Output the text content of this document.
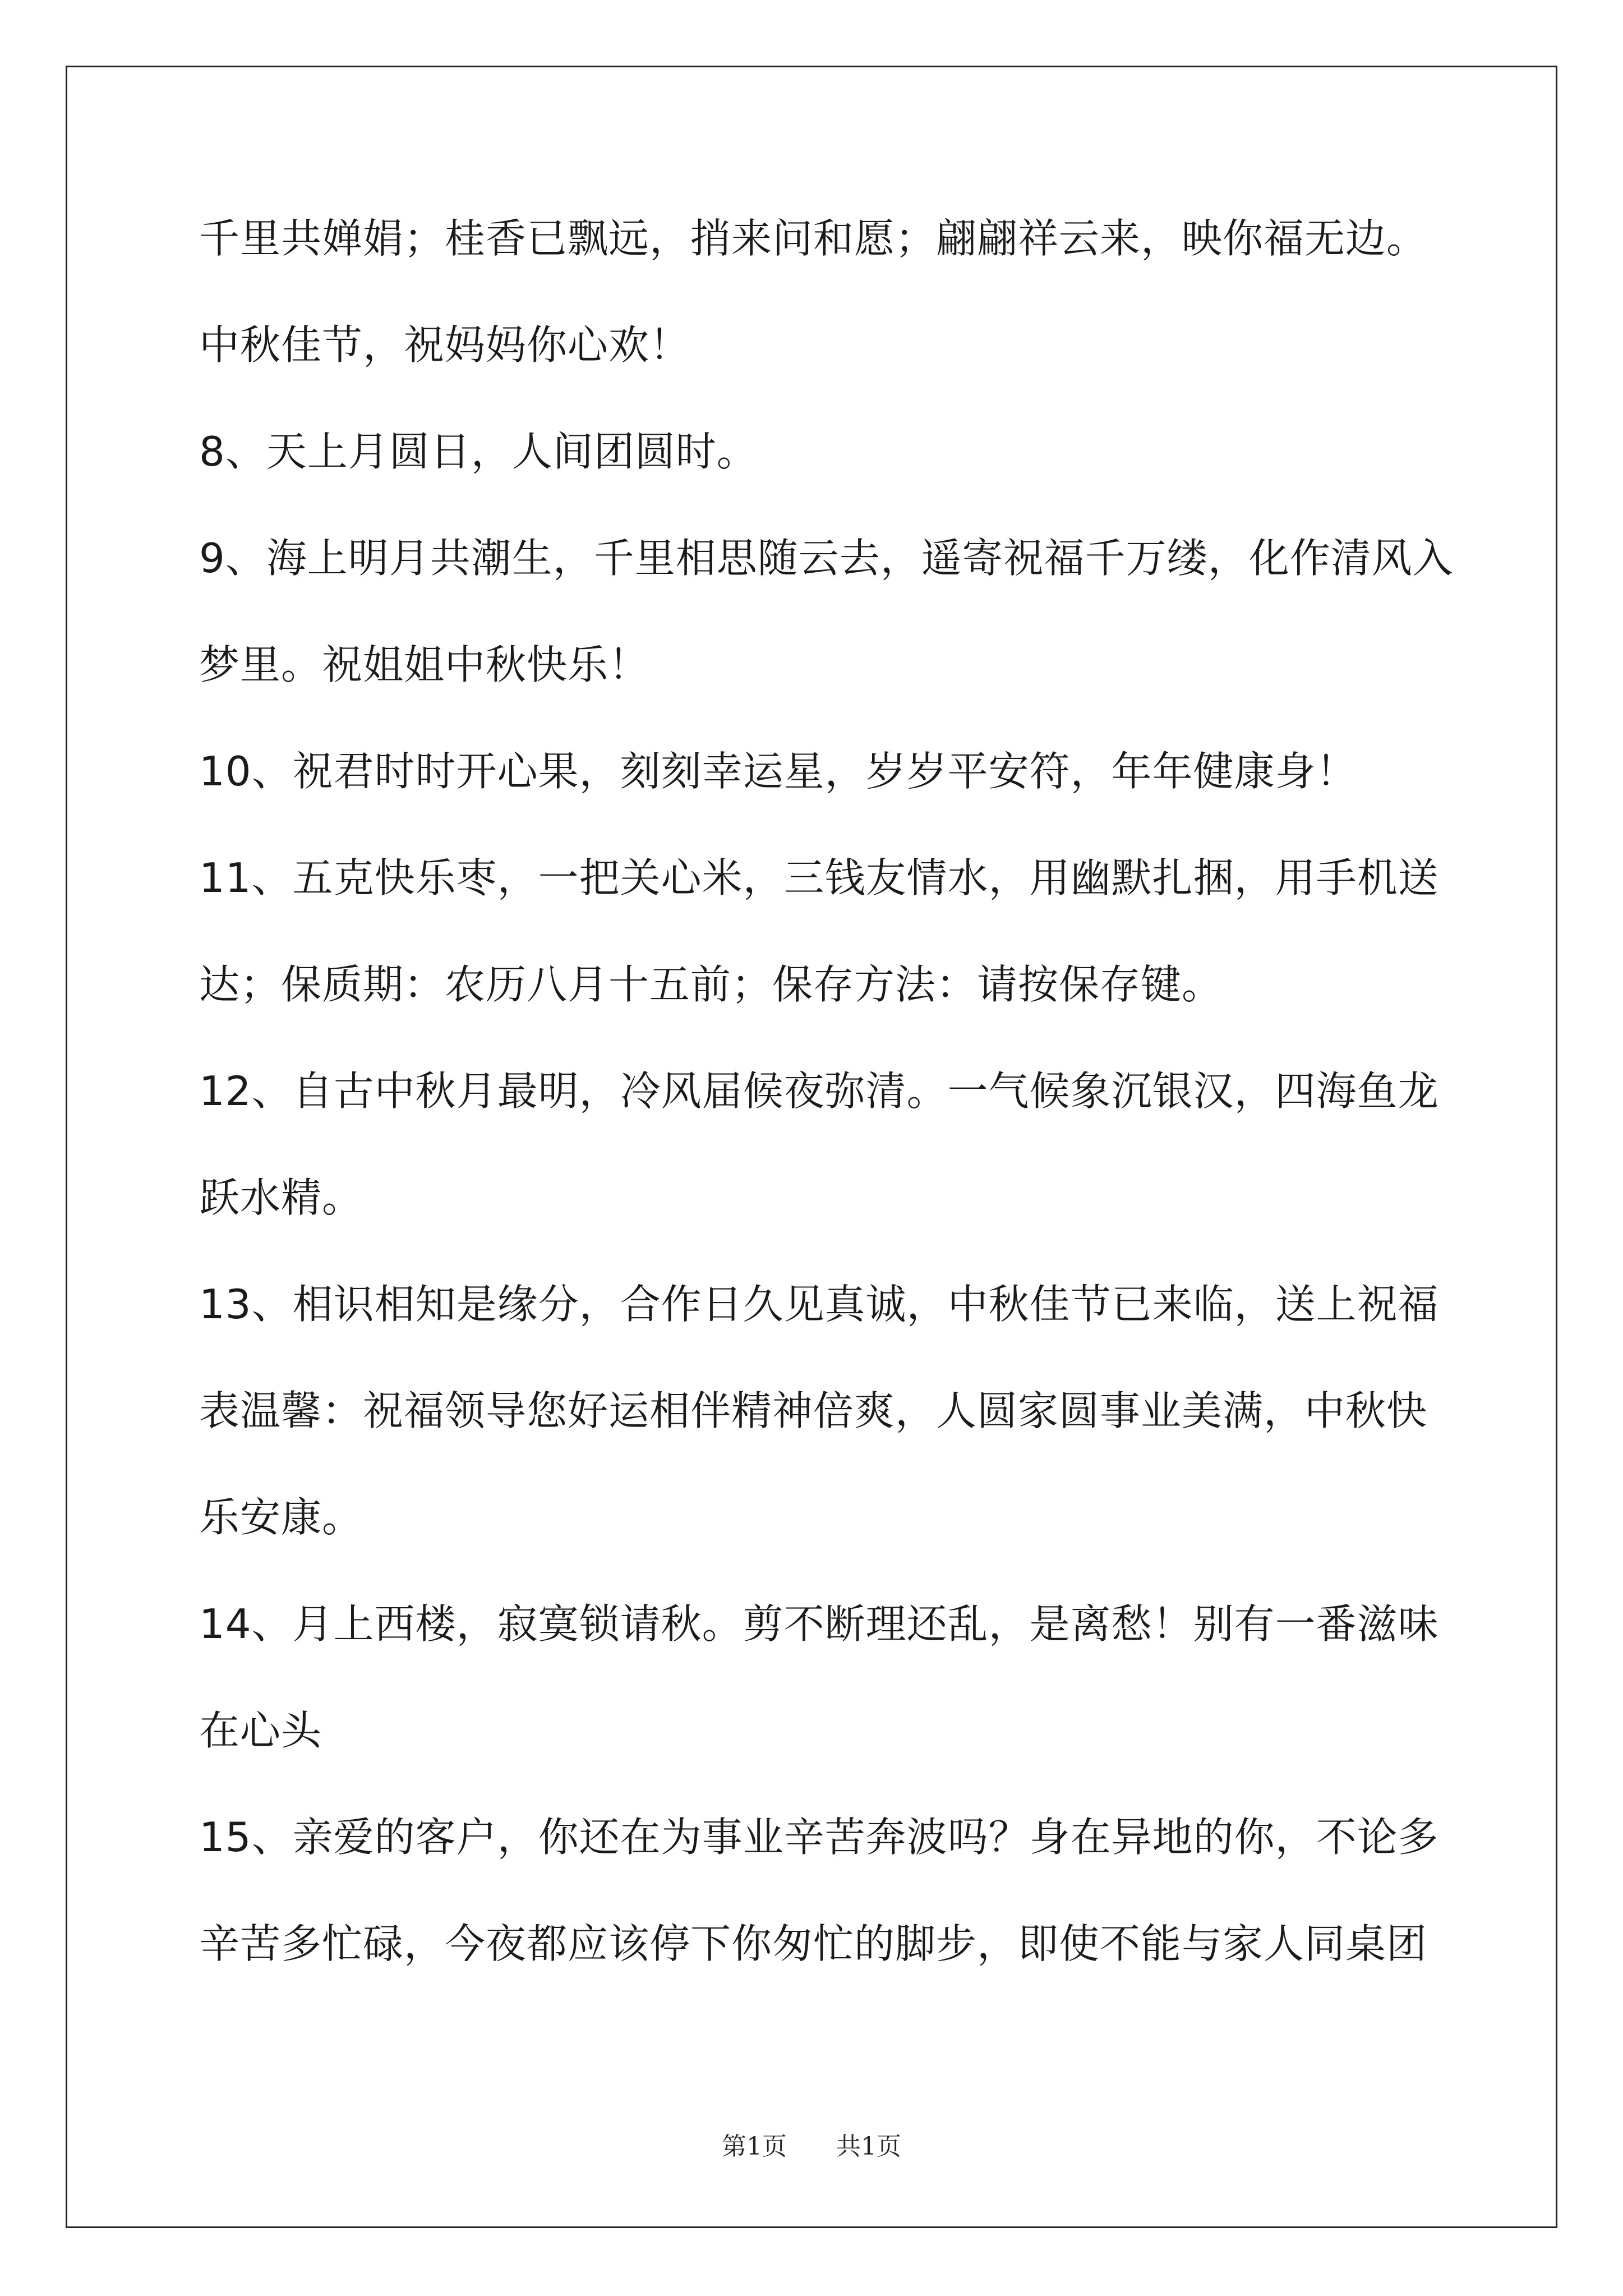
千里共婵娟；桂香已飘远，捎来问和愿；翩翩祥云来，映你福无边。
中秋佳节，祝妈妈你心欢！
8、天上月圆日，人间团圆时。
9、海上明月共潮生，千里相思随云去，遥寄祝福千万缕，化作清风入
梦里。祝姐姐中秋快乐！
10、祝君时时开心果，刻刻幸运星，岁岁平安符，年年健康身！
11、五克快乐枣，一把关心米，三钱友情水，用幽默扎捆，用手机送
达；保质期：农历八月十五前；保存方法：请按保存键。
12、自古中秋月最明，冷风届候夜弥清。一气候象沉银汉，四海鱼龙
跃水精。
13、相识相知是缘分，合作日久见真诚，中秋佳节已来临，送上祝福
表温馨：祝福领导您好运相伴精神倍爽，人圆家圆事业美满，中秋快
乐安康。
14、月上西楼，寂寞锁请秋。剪不断理还乱，是离愁！别有一番滋味
在心头
15、亲爱的客户，你还在为事业辛苦奔波吗？身在异地的你，不论多
辛苦多忙碌，今夜都应该停下你匆忙的脚步，即使不能与家人同桌团
第1页 共1页
